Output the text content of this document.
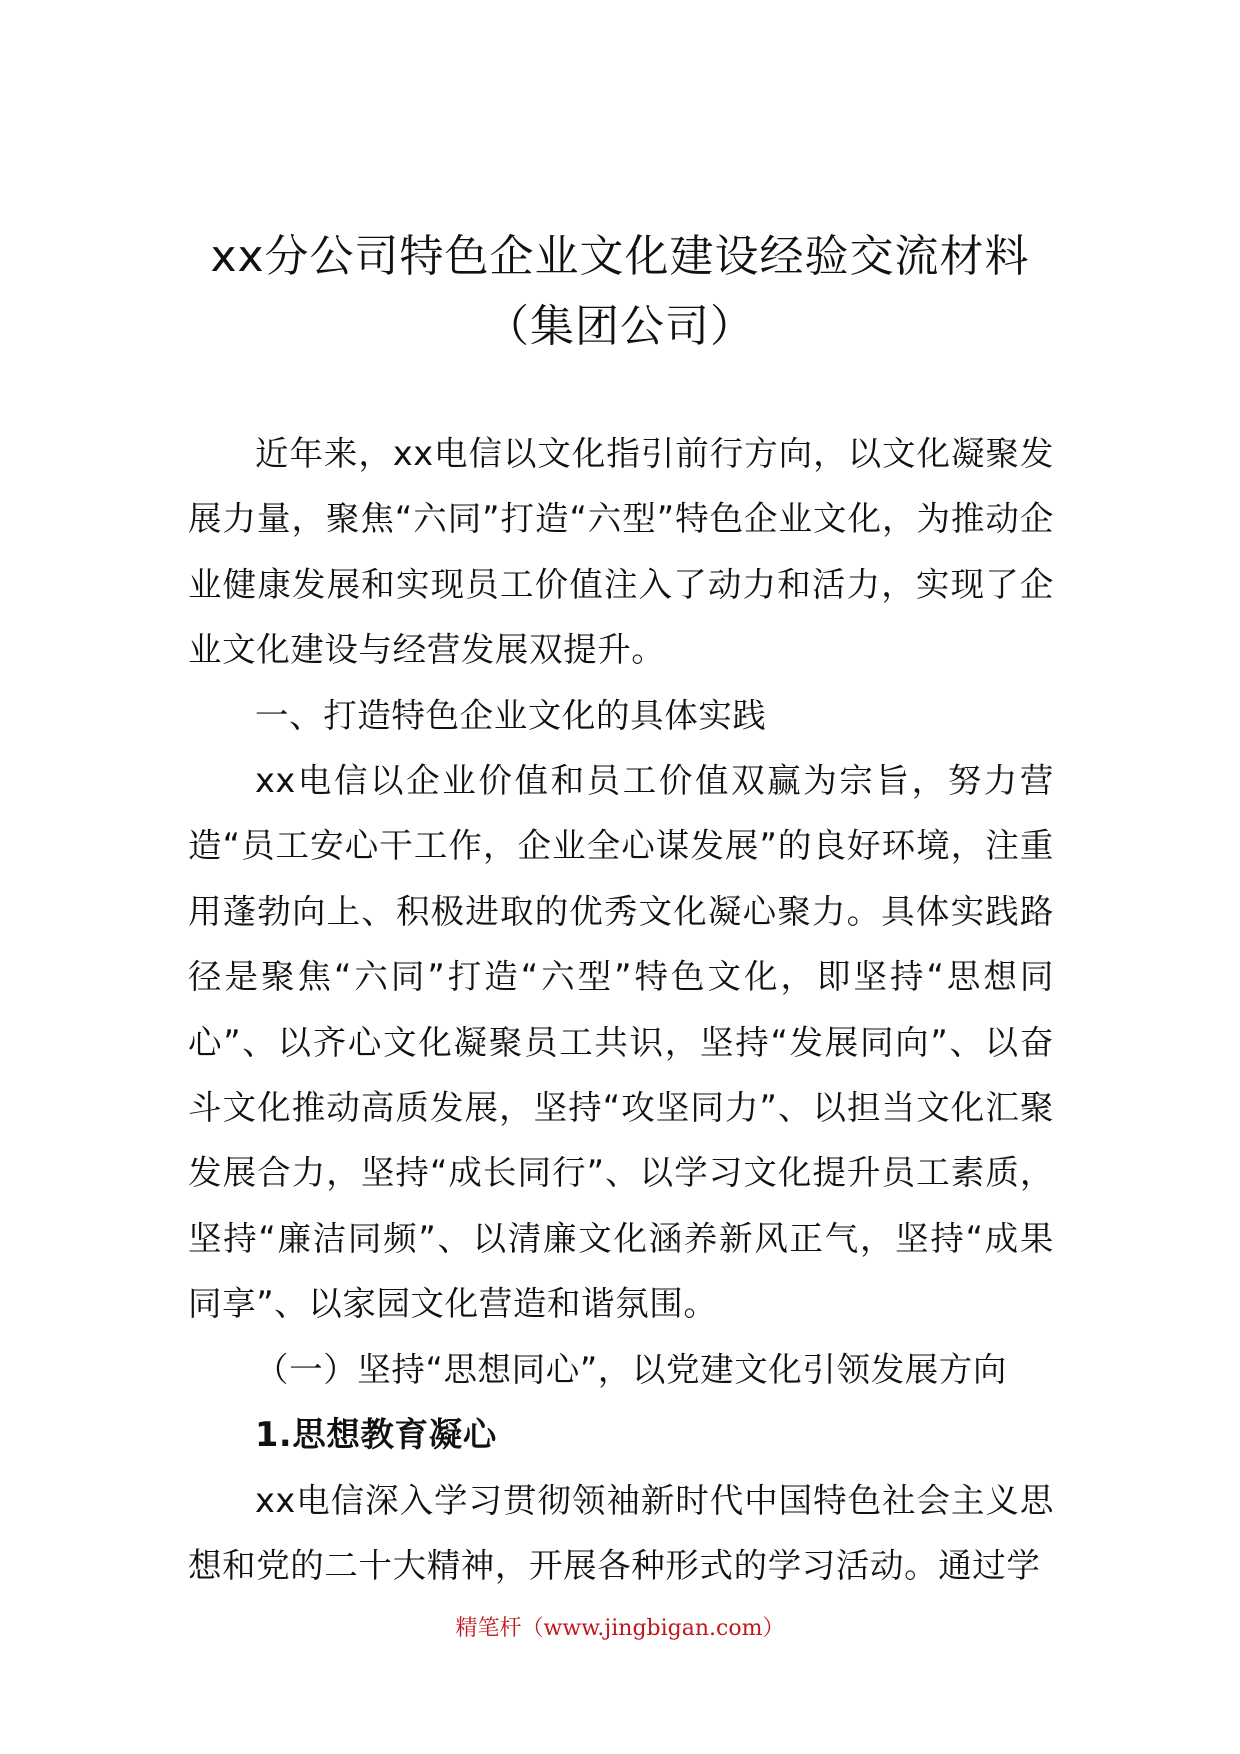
xx分公司特色企业文化建设经验交流材料
（集团公司）

近年来，xx电信以文化指引前行方向，以文化凝聚发展力量，聚焦“六同”打造“六型”特色企业文化，为推动企业健康发展和实现员工价值注入了动力和活力，实现了企业文化建设与经营发展双提升。

一、打造特色企业文化的具体实践

xx电信以企业价值和员工价值双赢为宗旨，努力营造“员工安心干工作，企业全心谋发展”的良好环境，注重用蓬勃向上、积极进取的优秀文化凝心聚力。具体实践路径是聚焦“六同”打造“六型”特色文化，即坚持“思想同心”、以齐心文化凝聚员工共识，坚持“发展同向”、以奋斗文化推动高质发展，坚持“攻坚同力”、以担当文化汇聚发展合力，坚持“成长同行”、以学习文化提升员工素质，坚持“廉洁同频”、以清廉文化涵养新风正气，坚持“成果同享”、以家园文化营造和谐氛围。

（一）坚持“思想同心”，以党建文化引领发展方向

1.思想教育凝心

xx电信深入学习贯彻领袖新时代中国特色社会主义思想和党的二十大精神，开展各种形式的学习活动。通过学

精笔杆（www.jingbigan.com）
